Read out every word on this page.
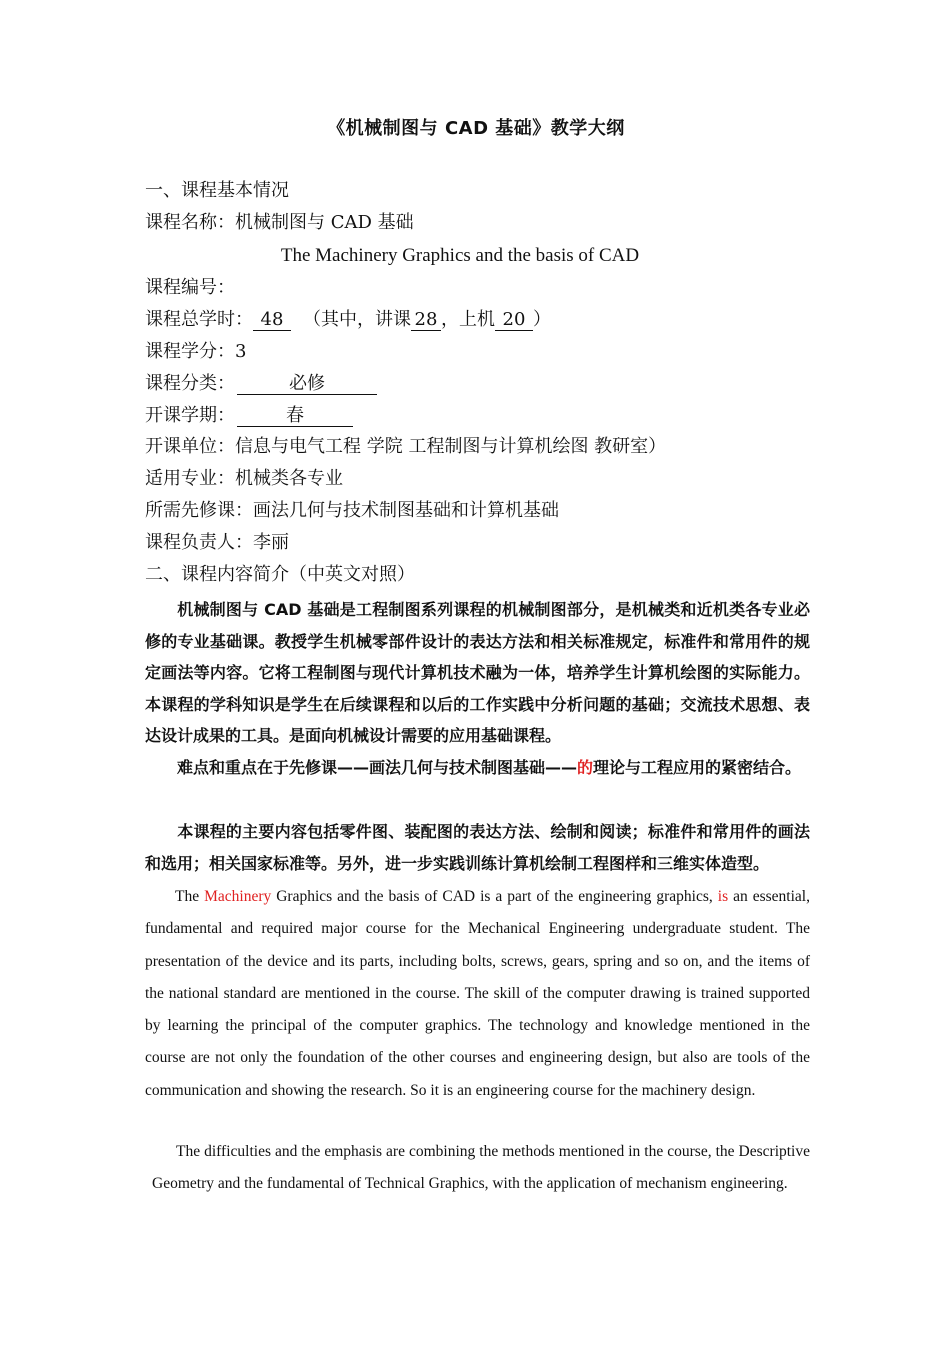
《机械制图与 CAD 基础》教学大纲
一、课程基本情况
课程名称：机械制图与 CAD 基础
The Machinery Graphics and the basis of CAD
课程编号：
课程总学时： 48 （其中，讲课 28 ，上机 20 ）
课程学分：3
课程分类：	必修
开课学期：	春
开课单位：信息与电气工程 学院 工程制图与计算机绘图 教研室）
适用专业：机械类各专业
所需先修课：画法几何与技术制图基础和计算机基础
课程负责人：李丽
二、课程内容简介（中英文对照）

机械制图与 CAD 基础是工程制图系列课程的机械制图部分，是机械类和近机类各专业必修的专业基础课。教授学生机械零部件设计的表达方法和相关标准规定，标准件和常用件的规定画法等内容。它将工程制图与现代计算机技术融为一体，培养学生计算机绘图的实际能力。本课程的学科知识是学生在后续课程和以后的工作实践中分析问题的基础；交流技术思想、表达设计成果的工具。是面向机械设计需要的应用基础课程。

难点和重点在于先修课——画法几何与技术制图基础——的理论与工程应用的紧密结合。

本课程的主要内容包括零件图、装配图的表达方法、绘制和阅读；标准件和常用件的画法和选用；相关国家标准等。另外，进一步实践训练计算机绘制工程图样和三维实体造型。

The Machinery Graphics and the basis of CAD is a part of the engineering graphics, is an essential, fundamental and required major course for the Mechanical Engineering undergraduate student. The presentation of the device and its parts, including bolts, screws, gears, spring and so on, and the items of the national standard are mentioned in the course. The skill of the computer drawing is trained supported by learning the principal of the computer graphics. The technology and knowledge mentioned in the course are not only the foundation of the other courses and engineering design, but also are tools of the communication and showing the research. So it is an engineering course for the machinery design.

The difficulties and the emphasis are combining the methods mentioned in the course, the Descriptive Geometry and the fundamental of Technical Graphics, with the application of mechanism engineering.
